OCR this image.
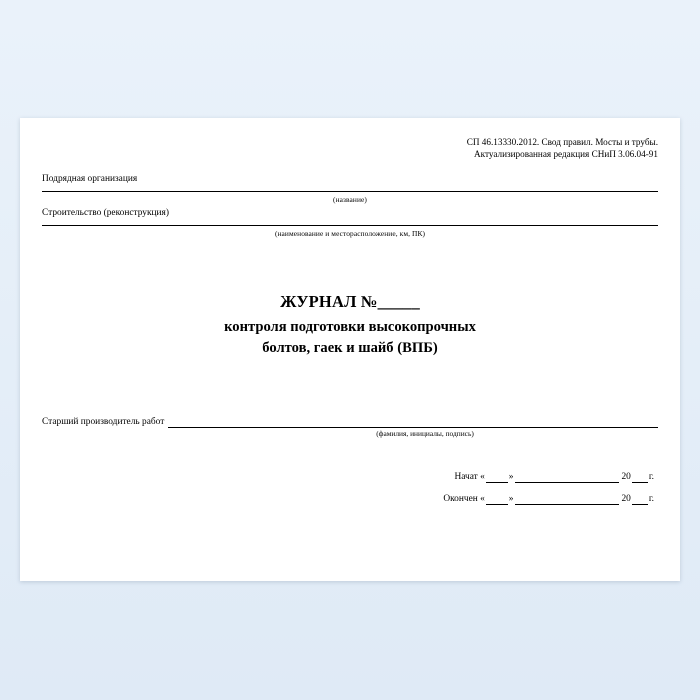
СП 46.13330.2012. Свод правил. Мосты и трубы.
Актуализированная редакция СНиП 3.06.04-91
Подрядная организация
(название)
Строительство (реконструкция)
(наименование и месторасположение, км, ПК)
ЖУРНАЛ №_____
контроля подготовки высокопрочных
болтов, гаек и шайб (ВПБ)
Старший производитель работ
(фамилия, инициалы, подпись)
Начат «	»	20 г.
Окончен «	»	20 г.
